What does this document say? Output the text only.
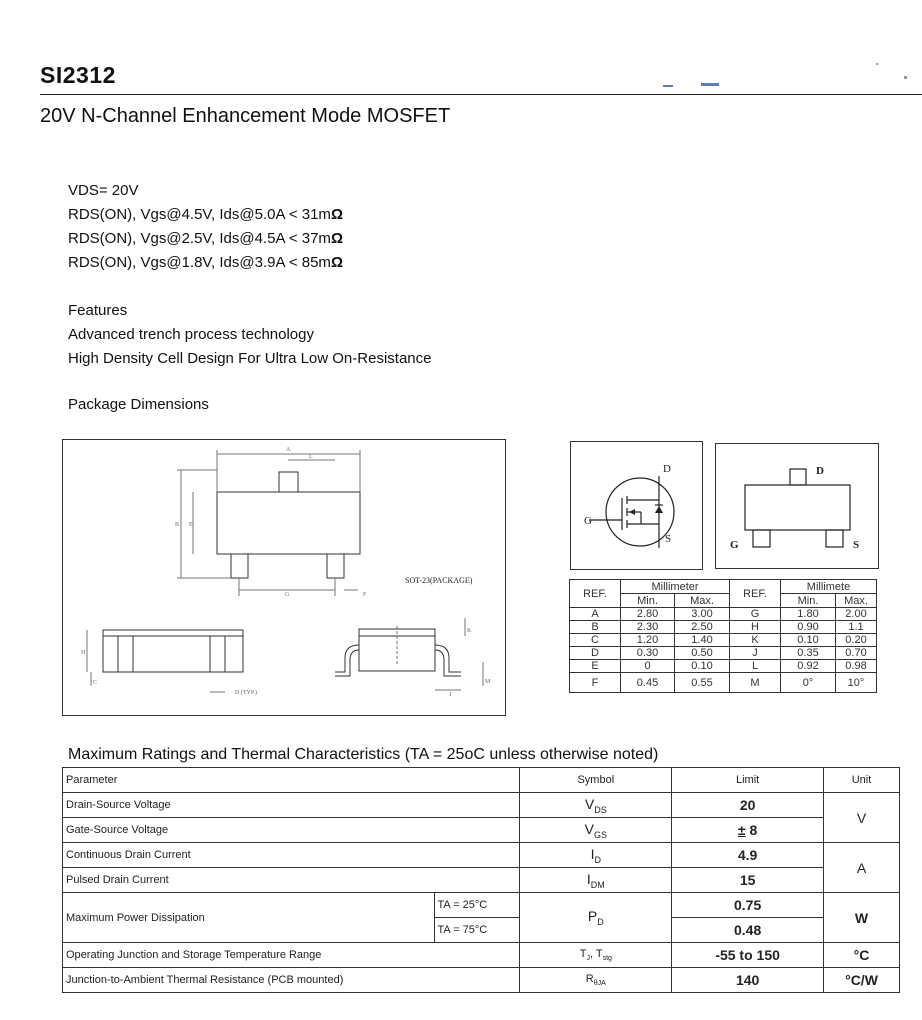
SI2312
20V N-Channel Enhancement Mode MOSFET
VDS= 20V
RDS(ON), Vgs@4.5V, Ids@5.0A < 31mΩ
RDS(ON), Vgs@2.5V, Ids@4.5A < 37mΩ
RDS(ON), Vgs@1.8V, Ids@3.9A < 85mΩ
Features
Advanced trench process technology
High Density Cell Design For Ultra Low On-Resistance
Package Dimensions
A
L
B E
G	F
K
J
H
M
C
D (TYP.)
SOT-23(PACKAGE)
D
G
S
D
G	S
REF.	Millimeter		REF.	Millimete	
	Min.	Max.		Min.	Max.
A	2.80	3.00	G	1.80	2.00
B	2.30	2.50	H	0.90	1.1
C	1.20	1.40	K	0.10	0.20
D	0.30	0.50	J	0.35	0.70
E	0	0.10	L	0.92	0.98
F	0.45	0.55	M	0°	10°
Maximum Ratings and Thermal Characteristics (TA = 25oC unless otherwise noted)
Parameter		Symbol	Limit	Unit
Drain-Source Voltage		$V_{DS}$	20	V
Gate-Source Voltage		$V_{GS}$	± 8	
Continuous Drain Current		$I_D$	4.9	A
Pulsed Drain Current		$I_{DM}$	15	
Maximum Power Dissipation	TA = 25°C	$P_D$	0.75	W
	TA = 75°C		0.48	
Operating Junction and Storage Temperature Range		$T_J$, $T_{stg}$	-55 to 150	°C
Junction-to-Ambient Thermal Resistance (PCB mounted)		$R_{\theta JA}$	140	°C/W
